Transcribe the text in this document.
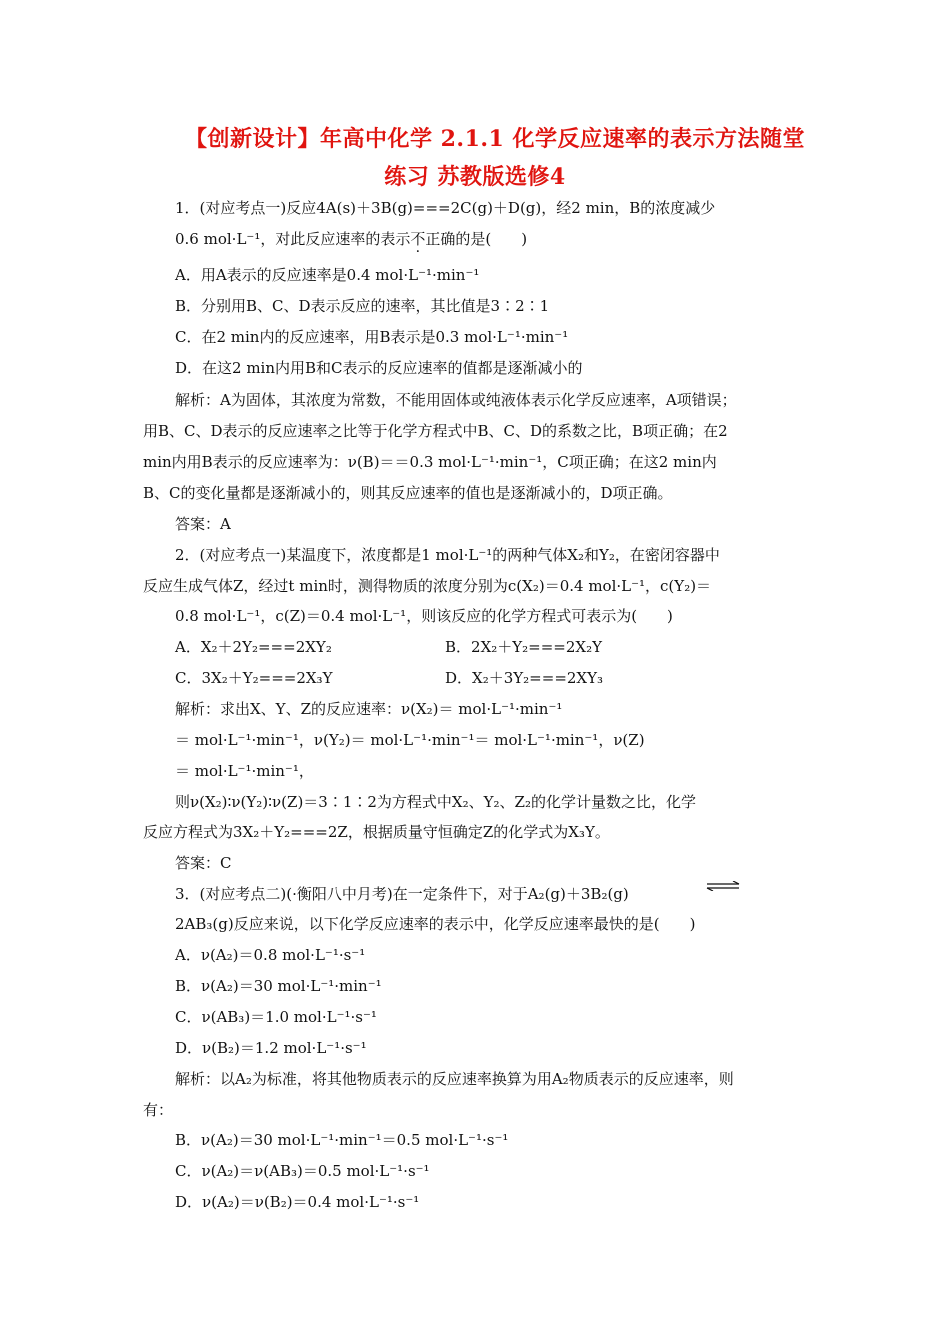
【创新设计】年高中化学 2.1.1 化学反应速率的表示方法随堂
练习 苏教版选修4
1．(对应考点一)反应4A(s)＋3B(g)===2C(g)＋D(g)，经2 min，B的浓度减少
0.6 mol·L⁻¹，对此反应速率的表示不正确的是(　　)
A．用A表示的反应速率是0.4 mol·L⁻¹·min⁻¹
B．分别用B、C、D表示反应的速率，其比值是3∶2∶1
C．在2 min内的反应速率，用B表示是0.3 mol·L⁻¹·min⁻¹
D．在这2 min内用B和C表示的反应速率的值都是逐渐减小的
解析：A为固体，其浓度为常数，不能用固体或纯液体表示化学反应速率，A项错误；
用B、C、D表示的反应速率之比等于化学方程式中B、C、D的系数之比，B项正确；在2
min内用B表示的反应速率为：ν(B)＝＝0.3 mol·L⁻¹·min⁻¹，C项正确；在这2 min内
B、C的变化量都是逐渐减小的，则其反应速率的值也是逐渐减小的，D项正确。
答案：A
2．(对应考点一)某温度下，浓度都是1 mol·L⁻¹的两种气体X₂和Y₂，在密闭容器中
反应生成气体Z，经过t min时，测得物质的浓度分别为c(X₂)＝0.4 mol·L⁻¹，c(Y₂)＝
0.8 mol·L⁻¹，c(Z)＝0.4 mol·L⁻¹，则该反应的化学方程式可表示为(　　)
A．X₂＋2Y₂===2XY₂	B．2X₂＋Y₂===2X₂Y
C．3X₂＋Y₂===2X₃Y	D．X₂＋3Y₂===2XY₃
解析：求出X、Y、Z的反应速率：ν(X₂)＝ mol·L⁻¹·min⁻¹
＝ mol·L⁻¹·min⁻¹，ν(Y₂)＝ mol·L⁻¹·min⁻¹＝ mol·L⁻¹·min⁻¹，ν(Z)
＝ mol·L⁻¹·min⁻¹，
则ν(X₂)∶ν(Y₂)∶ν(Z)＝3∶1∶2为方程式中X₂、Y₂、Z₂的化学计量数之比，化学
反应方程式为3X₂＋Y₂===2Z，根据质量守恒确定Z的化学式为X₃Y。
答案：C
3．(对应考点二)(·衡阳八中月考)在一定条件下，对于A₂(g)＋3B₂(g)
2AB₃(g)反应来说，以下化学反应速率的表示中，化学反应速率最快的是(　　)
A．ν(A₂)＝0.8 mol·L⁻¹·s⁻¹
B．ν(A₂)＝30 mol·L⁻¹·min⁻¹
C．ν(AB₃)＝1.0 mol·L⁻¹·s⁻¹
D．ν(B₂)＝1.2 mol·L⁻¹·s⁻¹
解析：以A₂为标准，将其他物质表示的反应速率换算为用A₂物质表示的反应速率，则
有：
B．ν(A₂)＝30 mol·L⁻¹·min⁻¹＝0.5 mol·L⁻¹·s⁻¹
C．ν(A₂)＝ν(AB₃)＝0.5 mol·L⁻¹·s⁻¹
D．ν(A₂)＝ν(B₂)＝0.4 mol·L⁻¹·s⁻¹
